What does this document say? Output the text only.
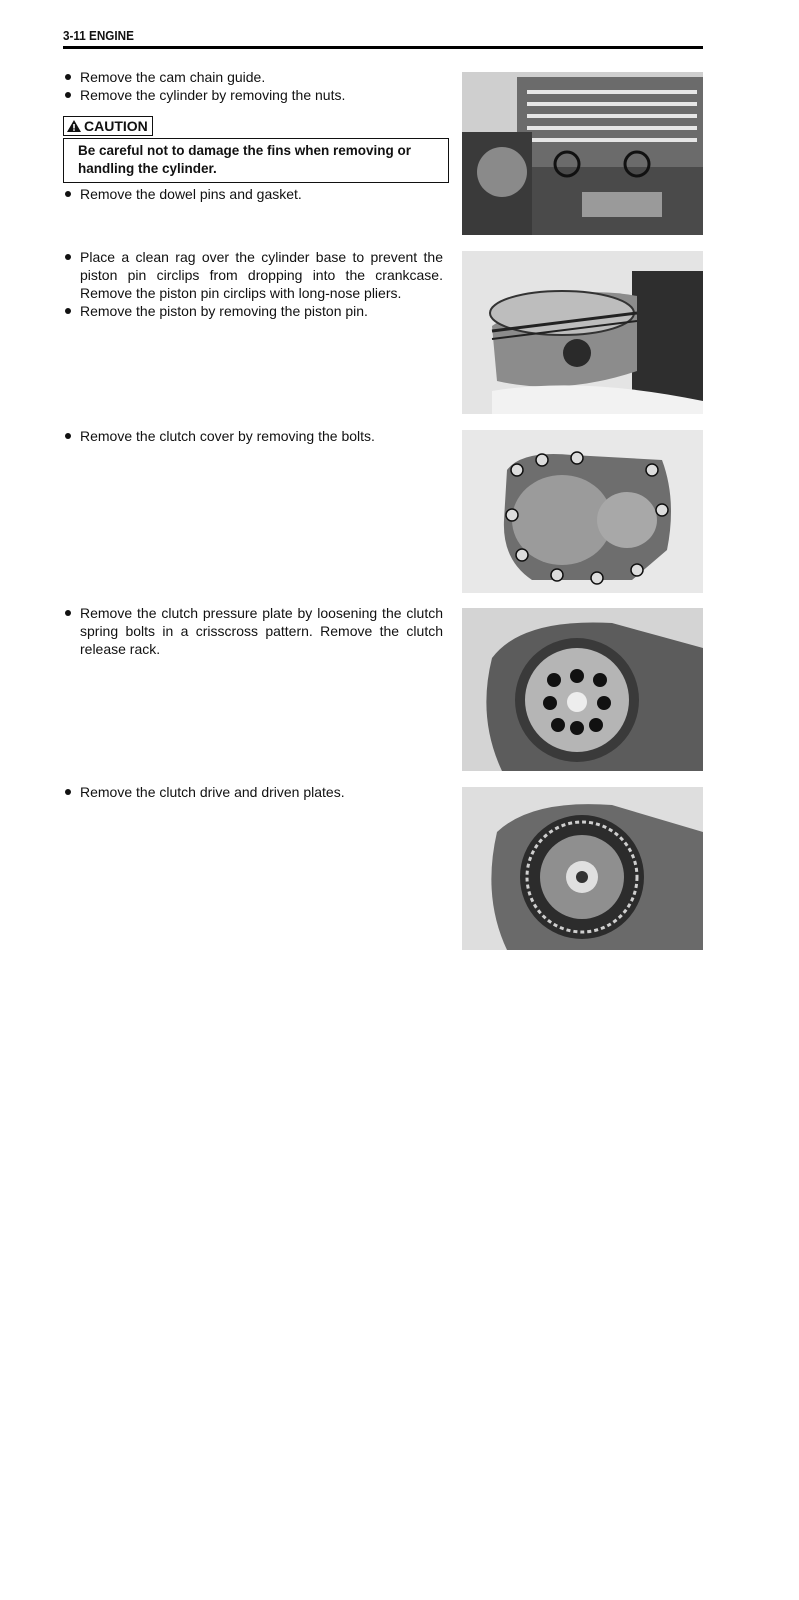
3-11 ENGINE
Remove the cam chain guide.
Remove the cylinder by removing the nuts.
CAUTION
Be careful not to damage the fins when removing or handling the cylinder.
Remove the dowel pins and gasket.
Place a clean rag over the cylinder base to prevent the piston pin circlips from dropping into the crankcase. Remove the piston pin circlips with long-nose pliers.
Remove the piston by removing the piston pin.
Remove the clutch cover by removing the bolts.
Remove the clutch pressure plate by loosening the clutch spring bolts in a crisscross pattern. Remove the clutch release rack.
Remove the clutch drive and driven plates.
